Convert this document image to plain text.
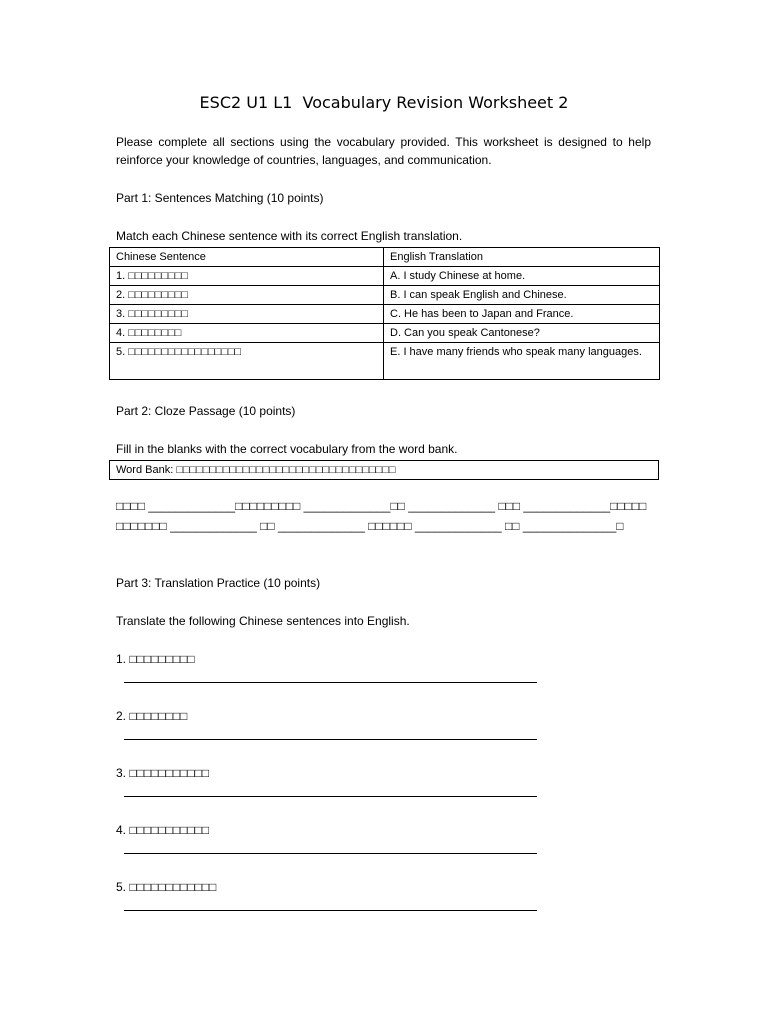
ESC2 U1 L1  Vocabulary Revision Worksheet 2
Please complete all sections using the vocabulary provided. This worksheet is designed to help reinforce your knowledge of countries, languages, and communication.
Part 1: Sentences Matching (10 points)
Match each Chinese sentence with its correct English translation.
Chinese Sentence	English Translation
1. □□□□□□□□□	A. I study Chinese at home.
2. □□□□□□□□□	B. I can speak English and Chinese.
3. □□□□□□□□□	C. He has been to Japan and France.
4. □□□□□□□□	D. Can you speak Cantonese?
5. □□□□□□□□□□□□□□□□□	E. I have many friends who speak many languages.
Part 2: Cloze Passage (10 points)
Fill in the blanks with the correct vocabulary from the word bank.
Word Bank: □□□□□□□□□□□□□□□□□□□□□□□□□□□□□□□□□
□□□□ _____________□□□□□□□□□ _____________□□ _____________ □□□ _____________□□□□□□□□□□□□ _____________ □□ _____________ □□□□□□ _____________ □□ ______________□
Part 3: Translation Practice (10 points)
Translate the following Chinese sentences into English.
1. □□□□□□□□□
2. □□□□□□□□
3. □□□□□□□□□□□
4. □□□□□□□□□□□
5. □□□□□□□□□□□□
